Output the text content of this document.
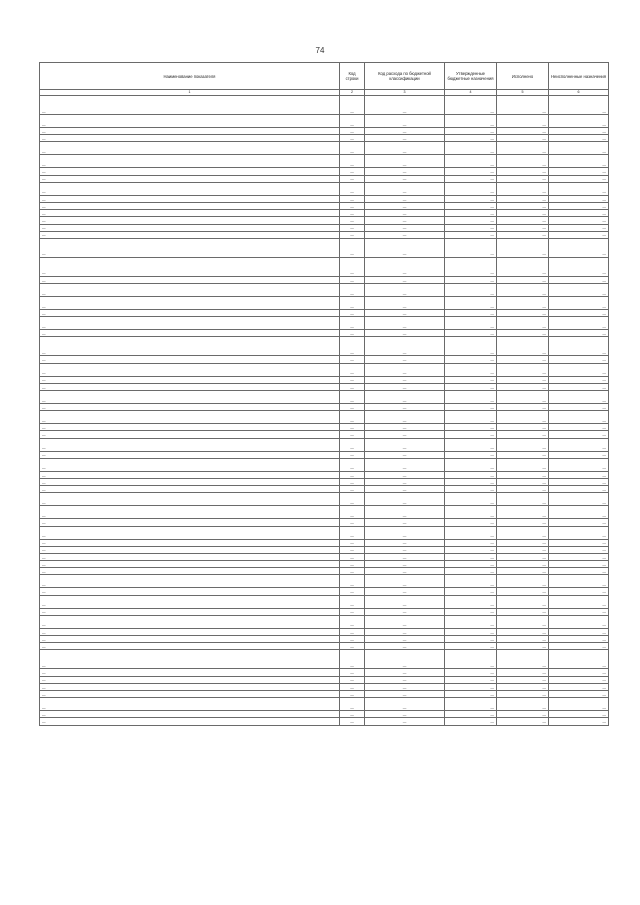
74
Наименование показателя	Код строки	Код расхода по бюджетной классификации	Утвержденные бюджетные назначения	Исполнено	Неисполненные назначения
1	2	3	4	5	6
—	—	—	—	—	—
—	—	—	—	—	—
—	—	—	—	—	—
—	—	—	—	—	—
—	—	—	—	—	—
—	—	—	—	—	—
—	—	—	—	—	—
—	—	—	—	—	—
—	—	—	—	—	—
—	—	—	—	—	—
—	—	—	—	—	—
—	—	—	—	—	—
—	—	—	—	—	—
—	—	—	—	—	—
—	—	—	—	—	—
—	—	—	—	—	—
—	—	—	—	—	—
—	—	—	—	—	—
—	—	—	—	—	—
—	—	—	—	—	—
—	—	—	—	—	—
—	—	—	—	—	—
—	—	—	—	—	—
—	—	—	—	—	—
—	—	—	—	—	—
—	—	—	—	—	—
—	—	—	—	—	—
—	—	—	—	—	—
—	—	—	—	—	—
—	—	—	—	—	—
—	—	—	—	—	—
—	—	—	—	—	—
—	—	—	—	—	—
—	—	—	—	—	—
—	—	—	—	—	—
—	—	—	—	—	—
—	—	—	—	—	—
—	—	—	—	—	—
—	—	—	—	—	—
—	—	—	—	—	—
—	—	—	—	—	—
—	—	—	—	—	—
—	—	—	—	—	—
—	—	—	—	—	—
—	—	—	—	—	—
—	—	—	—	—	—
—	—	—	—	—	—
—	—	—	—	—	—
—	—	—	—	—	—
—	—	—	—	—	—
—	—	—	—	—	—
—	—	—	—	—	—
—	—	—	—	—	—
—	—	—	—	—	—
—	—	—	—	—	—
—	—	—	—	—	—
—	—	—	—	—	—
—	—	—	—	—	—
—	—	—	—	—	—
—	—	—	—	—	—
—	—	—	—	—	—
—	—	—	—	—	—
—	—	—	—	—	—
—	—	—	—	—	—
